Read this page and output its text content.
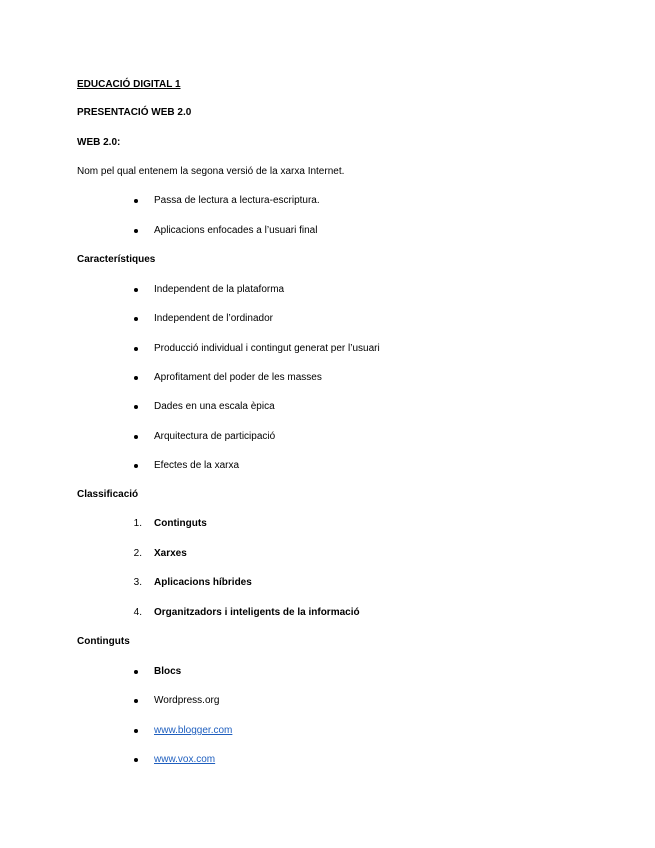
EDUCACIÓ DIGITAL 1
PRESENTACIÓ WEB 2.0
WEB 2.0:
Nom pel qual entenem la segona versió de la xarxa Internet.
Passa de lectura a lectura-escriptura.
Aplicacions enfocades a l’usuari final
Característiques
Independent de la plataforma
Independent de l’ordinador
Producció individual i contingut generat per l’usuari
Aprofitament del poder de les masses
Dades en una escala èpica
Arquitectura de participació
Efectes de la xarxa
Classificació
1. Continguts
2. Xarxes
3. Aplicacions híbrides
4. Organitzadors i inteligents de la informació
Continguts
Blocs
Wordpress.org
www.blogger.com
www.vox.com
